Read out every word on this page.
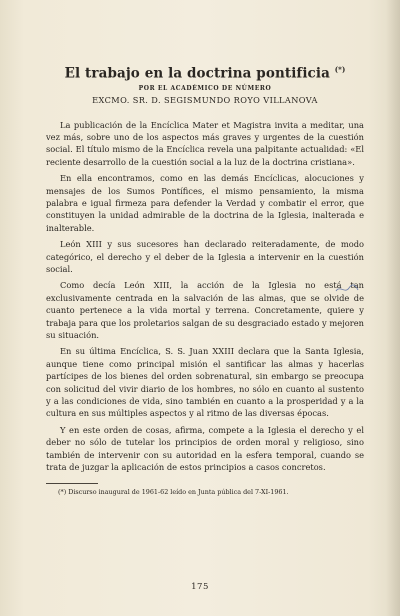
El trabajo en la doctrina pontificia (*)
POR EL ACADÉMICO DE NÚMERO
EXCMO. SR. D. SEGISMUNDO ROYO VILLANOVA

La publicación de la Encíclica Mater et Magistra invita a meditar, una vez más, sobre uno de los aspectos más graves y urgentes de la cuestión social. El título mismo de la Encíclica revela una palpitante actualidad: «El reciente desarrollo de la cuestión social a la luz de la doctrina cristiana».

En ella encontramos, como en las demás Encíclicas, alocuciones y mensajes de los Sumos Pontífices, el mismo pensamiento, la misma palabra e igual firmeza para defender la Verdad y combatir el error, que constituyen la unidad admirable de la doctrina de la Iglesia, inalterada e inalterable.

León XIII y sus sucesores han declarado reiteradamente, de modo categórico, el derecho y el deber de la Iglesia a intervenir en la cuestión social.

Como decía León XIII, la acción de la Iglesia no está tan exclusivamente centrada en la salvación de las almas, que se olvide de cuanto pertenece a la vida mortal y terrena. Concretamente, quiere y trabaja para que los proletarios salgan de su desgraciado estado y mejoren su situación.

En su última Encíclica, S. S. Juan XXIII declara que la Santa Iglesia, aunque tiene como principal misión el santificar las almas y hacerlas partícipes de los bienes del orden sobrenatural, sin embargo se preocupa con solicitud del vivir diario de los hombres, no sólo en cuanto al sustento y a las condiciones de vida, sino también en cuanto a la prosperidad y a la cultura en sus múltiples aspectos y al ritmo de las diversas épocas.

Y en este orden de cosas, afirma, compete a la Iglesia el derecho y el deber no sólo de tutelar los principios de orden moral y religioso, sino también de intervenir con su autoridad en la esfera temporal, cuando se trata de juzgar la aplicación de estos principios a casos concretos.

(*) Discurso inaugural de 1961-62 leído en Junta pública del 7-XI-1961.
175
